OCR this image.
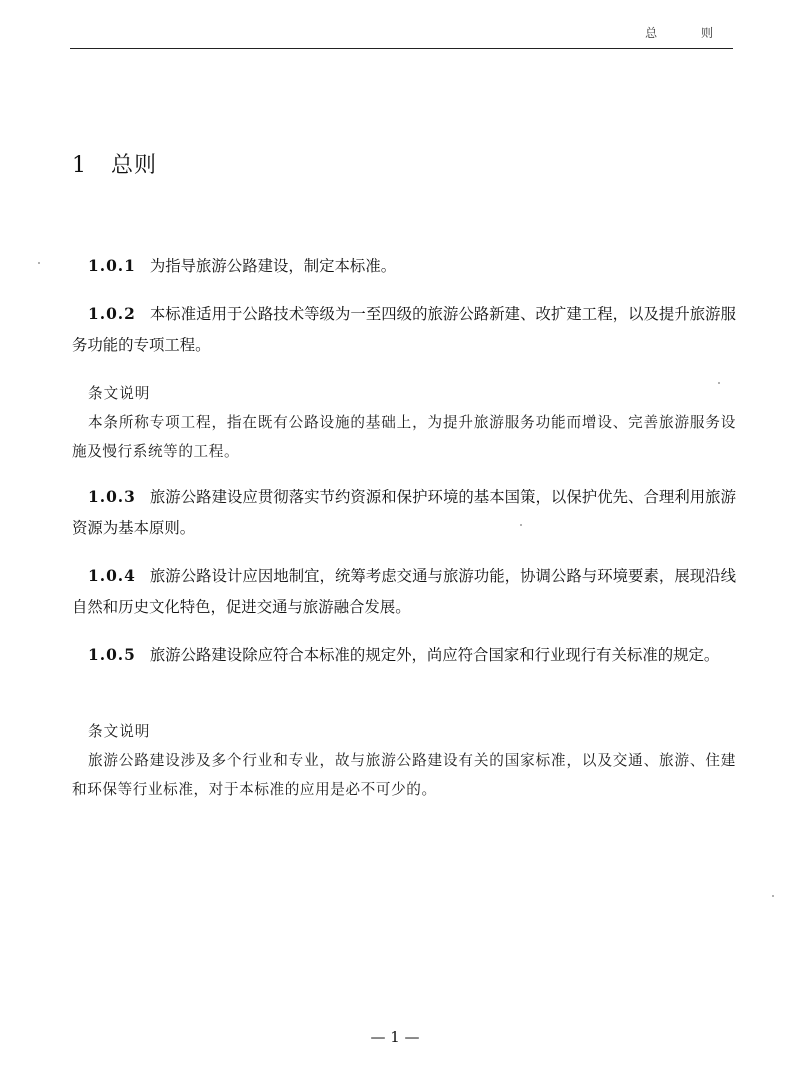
总 则
1 总则
1.0.1 为指导旅游公路建设，制定本标准。
1.0.2 本标准适用于公路技术等级为一至四级的旅游公路新建、改扩建工程，以及提升旅游服务功能的专项工程。
条文说明
本条所称专项工程，指在既有公路设施的基础上，为提升旅游服务功能而增设、完善旅游服务设施及慢行系统等的工程。
1.0.3 旅游公路建设应贯彻落实节约资源和保护环境的基本国策，以保护优先、合理利用旅游资源为基本原则。
1.0.4 旅游公路设计应因地制宜，统筹考虑交通与旅游功能，协调公路与环境要素，展现沿线自然和历史文化特色，促进交通与旅游融合发展。
1.0.5 旅游公路建设除应符合本标准的规定外，尚应符合国家和行业现行有关标准的规定。
条文说明
旅游公路建设涉及多个行业和专业，故与旅游公路建设有关的国家标准，以及交通、旅游、住建和环保等行业标准，对于本标准的应用是必不可少的。
— 1 —
